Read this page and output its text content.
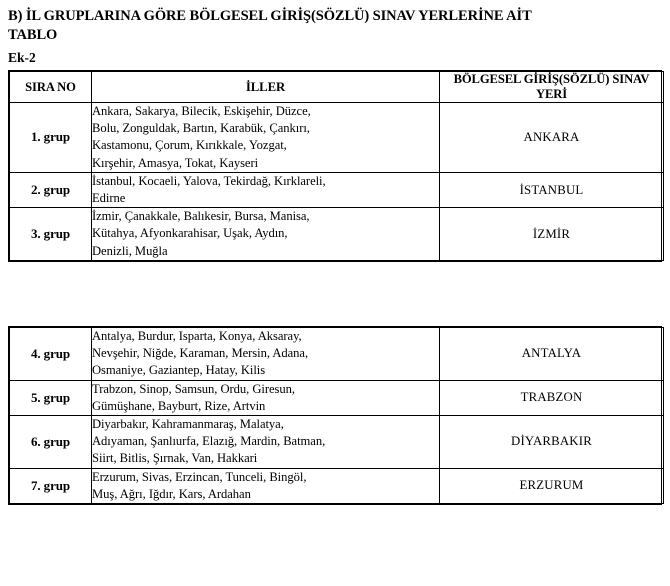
B) İL GRUPLARINA GÖRE BÖLGESEL GİRİŞ(SÖZLÜ) SINAV YERLERİNE AİT
TABLO
Ek-2
SIRA NO	İLLER	BÖLGESEL GİRİŞ(SÖZLÜ) SINAV YERİ
1. grup	Ankara, Sakarya, Bilecik, Eskişehir, Düzce,
Bolu, Zonguldak, Bartın, Karabük, Çankırı,
Kastamonu, Çorum, Kırıkkale, Yozgat,
Kırşehir, Amasya, Tokat, Kayseri	ANKARA
2. grup	İstanbul, Kocaeli, Yalova, Tekirdağ, Kırklareli,
Edirne	İSTANBUL
3. grup	İzmir, Çanakkale, Balıkesir, Bursa, Manisa,
Kütahya, Afyonkarahisar, Uşak, Aydın,
Denizli, Muğla	İZMİR
4. grup	Antalya, Burdur, Isparta, Konya, Aksaray,
Nevşehir, Niğde, Karaman, Mersin, Adana,
Osmaniye, Gaziantep, Hatay, Kilis	ANTALYA
5. grup	Trabzon, Sinop, Samsun, Ordu, Giresun,
Gümüşhane, Bayburt, Rize, Artvin	TRABZON
6. grup	Diyarbakır, Kahramanmaraş, Malatya,
Adıyaman, Şanlıurfa, Elazığ, Mardin, Batman,
Siirt, Bitlis, Şırnak, Van, Hakkari	DİYARBAKIR
7. grup	Erzurum, Sivas, Erzincan, Tunceli, Bingöl,
Muş, Ağrı, Iğdır, Kars, Ardahan	ERZURUM
